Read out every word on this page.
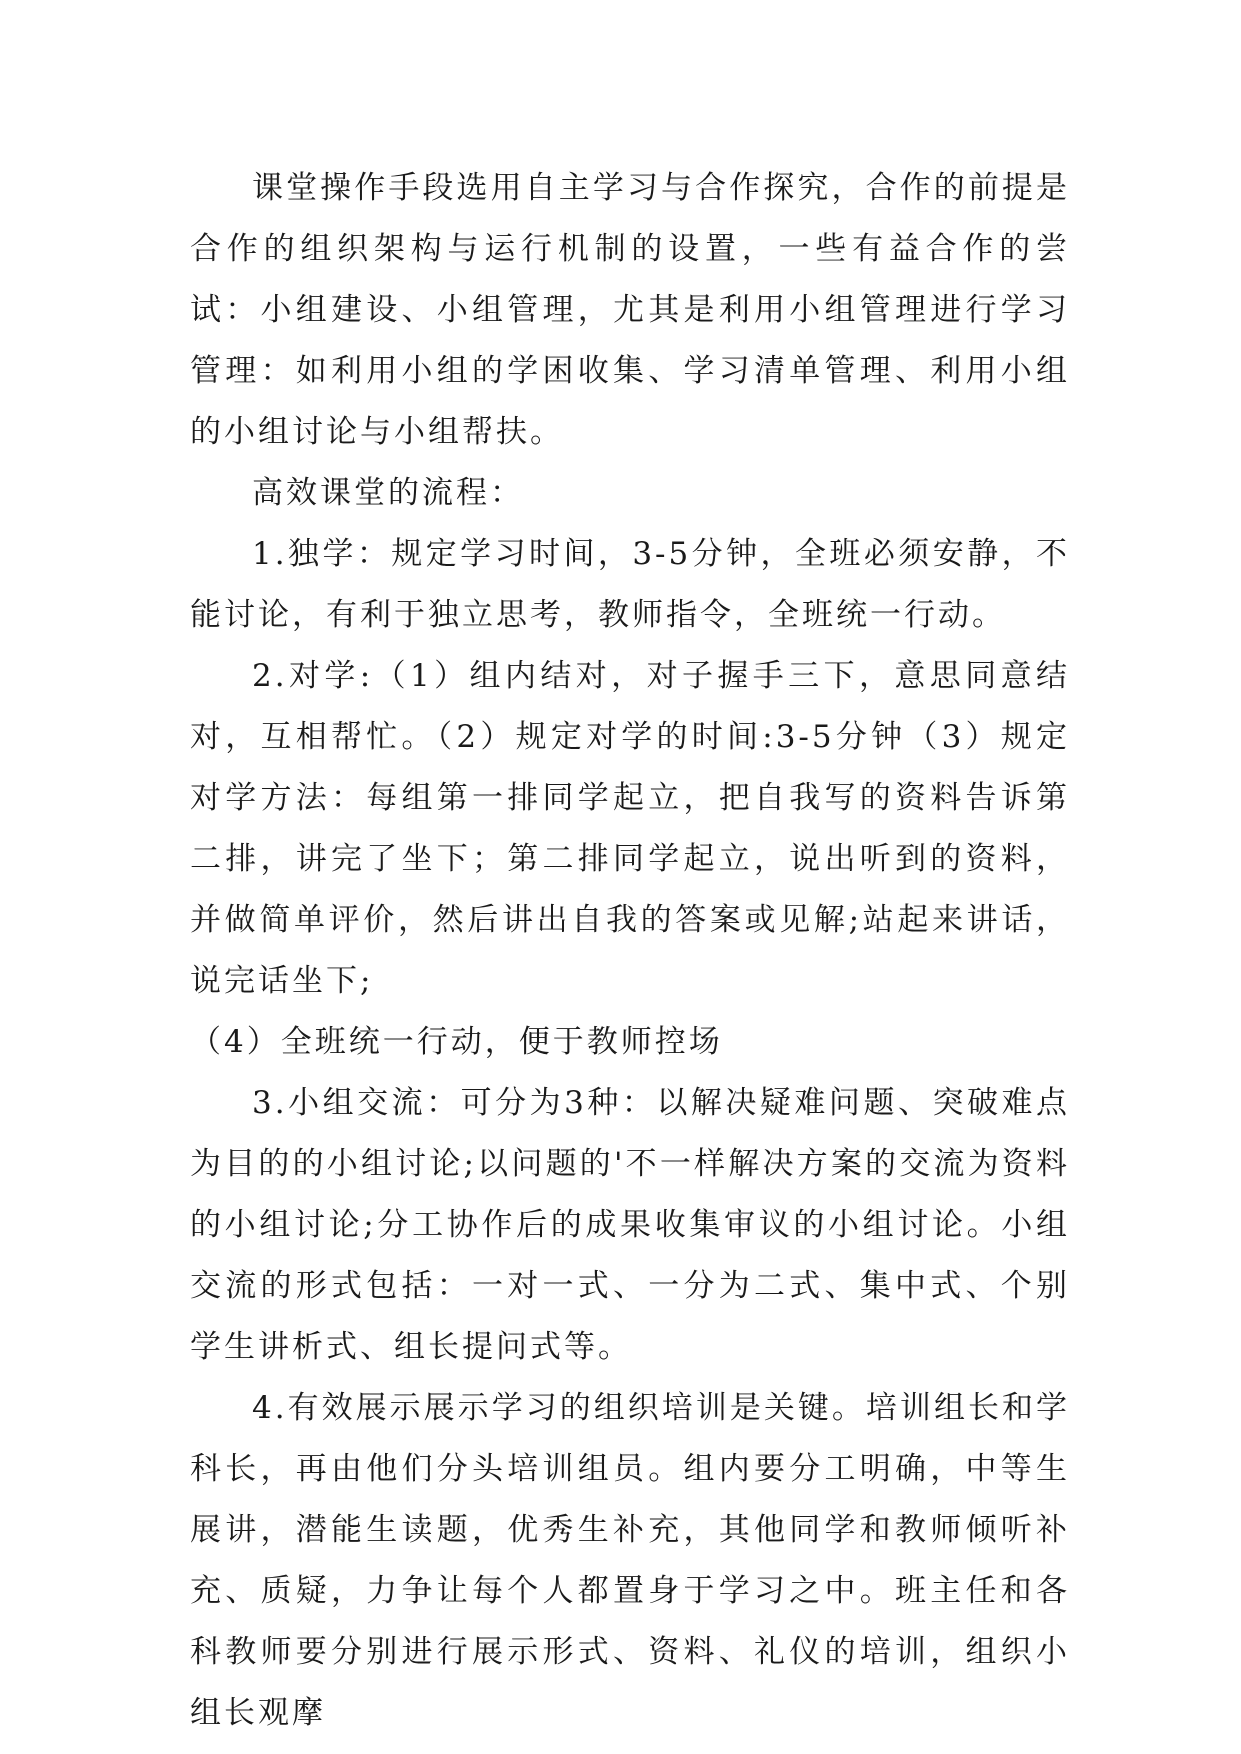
课堂操作手段选用自主学习与合作探究，合作的前提是合作的组织架构与运行机制的设置，一些有益合作的尝试：小组建设、小组管理，尤其是利用小组管理进行学习管理：如利用小组的学困收集、学习清单管理、利用小组的小组讨论与小组帮扶。

高效课堂的流程：

1.独学：规定学习时间，3-5分钟，全班必须安静，不能讨论，有利于独立思考，教师指令，全班统一行动。

2.对学:（1）组内结对，对子握手三下，意思同意结对，互相帮忙。（2）规定对学的时间:3-5分钟（3）规定对学方法：每组第一排同学起立，把自我写的资料告诉第二排，讲完了坐下；第二排同学起立，说出听到的资料，并做简单评价，然后讲出自我的答案或见解;站起来讲话，说完话坐下;

（4）全班统一行动，便于教师控场

3.小组交流：可分为3种：以解决疑难问题、突破难点为目的的小组讨论;以问题的'不一样解决方案的交流为资料的小组讨论;分工协作后的成果收集审议的小组讨论。小组交流的形式包括：一对一式、一分为二式、集中式、个别学生讲析式、组长提问式等。

4.有效展示展示学习的组织培训是关键。培训组长和学科长，再由他们分头培训组员。组内要分工明确，中等生展讲，潜能生读题，优秀生补充，其他同学和教师倾听补充、质疑，力争让每个人都置身于学习之中。班主任和各科教师要分别进行展示形式、资料、礼仪的培训，组织小组长观摩
